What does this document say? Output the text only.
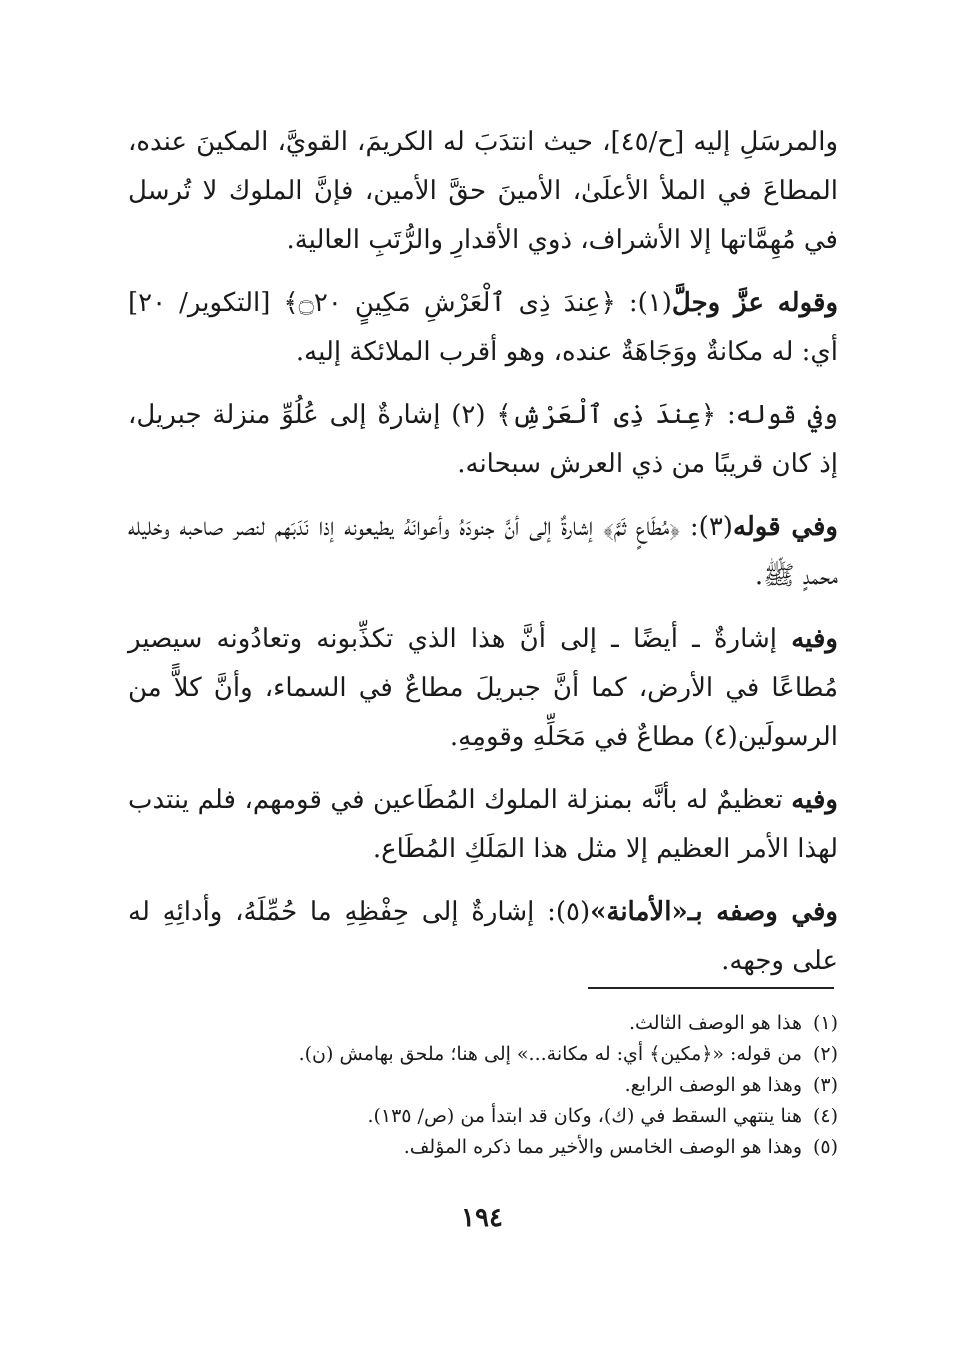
والمرسَلِ إليه [ح/٤٥]، حيث انتدَبَ له الكريمَ، القويَّ، المكينَ عنده، المطاعَ في الملأ الأعلَىٰ، الأمينَ حقَّ الأمين، فإنَّ الملوك لا تُرسل في مُهِمَّاتها إلا الأشراف، ذوي الأقدارِ والرُّتَبِ العالية.

وقوله عزَّ وجلَّ(١): ﴿عِندَ ذِى ٱلْعَرْشِ مَكِينٍ ۝٢٠﴾ [التكوير/ ٢٠] أي: له مكانةٌ ووَجَاهَةٌ عنده، وهو أقرب الملائكة إليه.

وفي قوله: ﴿عِندَ ذِى ٱلْعَرْشِ﴾ (٢) إشارةٌ إلى عُلُوِّ منزلة جبريل، إذ كان قريبًا من ذي العرش سبحانه.

وفي قوله(٣): ﴿مُطَاعٍ ثَمَّ﴾ إشارةٌ إلى أنَّ جنودَهُ وأعوانَهُ يطيعونه إذا نَدَبَهم لنصر صاحبه وخليله محمدٍ ﷺ.

وفيه إشارةٌ ـ أيضًا ـ إلى أنَّ هذا الذي تكذِّبونه وتعادُونه سيصير مُطاعًا في الأرض، كما أنَّ جبريلَ مطاعٌ في السماء، وأنَّ كلاًّ من الرسولَين(٤) مطاعٌ في مَحَلِّهِ وقومِهِ.

وفيه تعظيمٌ له بأنَّه بمنزلة الملوك المُطَاعين في قومهم، فلم ينتدب لهذا الأمر العظيم إلا مثل هذا المَلَكِ المُطَاع.

وفي وصفه بـ«الأمانة»(٥): إشارةٌ إلى حِفْظِهِ ما حُمِّلَهُ، وأدائِهِ له على وجهه.

(١)هذا هو الوصف الثالث.
(٢)من قوله: «﴿مكين﴾ أي: له مكانة...» إلى هنا؛ ملحق بهامش (ن).
(٣)وهذا هو الوصف الرابع.
(٤)هنا ينتهي السقط في (ك)، وكان قد ابتدأ من (ص/ ١٣٥).
(٥)وهذا هو الوصف الخامس والأخير مما ذكره المؤلف.
١٩٤
